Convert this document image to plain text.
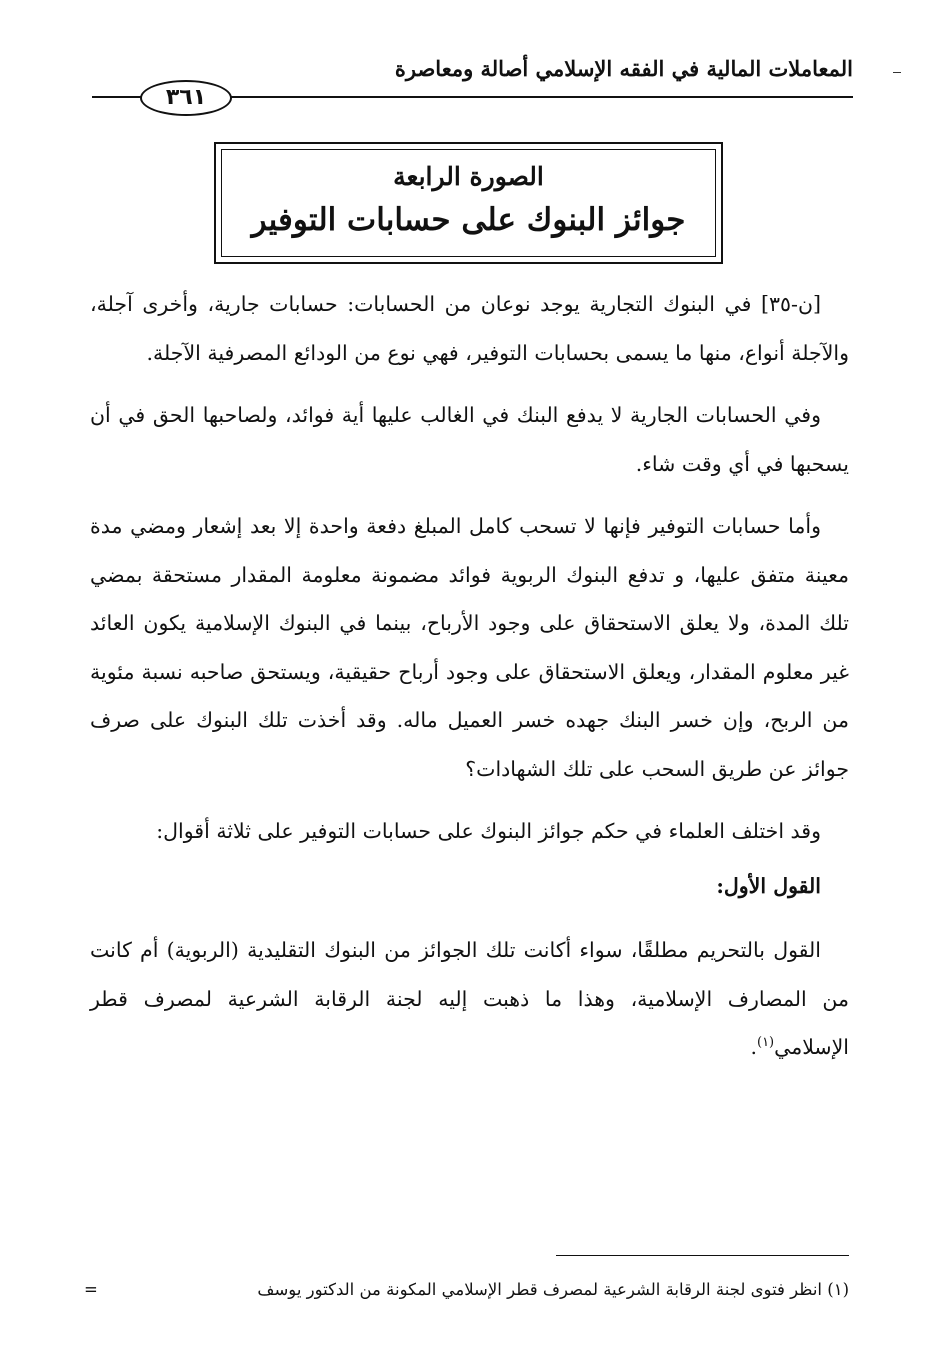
المعاملات المالية في الفقه الإسلامي أصالة ومعاصرة
٣٦١
الصورة الرابعة
جوائز البنوك على حسابات التوفير

[ن-٣٥] في البنوك التجارية يوجد نوعان من الحسابات: حسابات جارية، وأخرى آجلة، والآجلة أنواع، منها ما يسمى بحسابات التوفير، فهي نوع من الودائع المصرفية الآجلة.

وفي الحسابات الجارية لا يدفع البنك في الغالب عليها أية فوائد، ولصاحبها الحق في أن يسحبها في أي وقت شاء.

وأما حسابات التوفير فإنها لا تسحب كامل المبلغ دفعة واحدة إلا بعد إشعار ومضي مدة معينة متفق عليها، و تدفع البنوك الربوية فوائد مضمونة معلومة المقدار مستحقة بمضي تلك المدة، ولا يعلق الاستحقاق على وجود الأرباح، بينما في البنوك الإسلامية يكون العائد غير معلوم المقدار، ويعلق الاستحقاق على وجود أرباح حقيقية، ويستحق صاحبه نسبة مئوية من الربح، وإن خسر البنك جهده خسر العميل ماله. وقد أخذت تلك البنوك على صرف جوائز عن طريق السحب على تلك الشهادات؟

وقد اختلف العلماء في حكم جوائز البنوك على حسابات التوفير على ثلاثة أقوال:

القول الأول:

القول بالتحريم مطلقًا، سواء أكانت تلك الجوائز من البنوك التقليدية (الربوية) أم كانت من المصارف الإسلامية، وهذا ما ذهبت إليه لجنة الرقابة الشرعية لمصرف قطر الإسلامي$^{(١)}$.

(١) انظر فتوى لجنة الرقابة الشرعية لمصرف قطر الإسلامي المكونة من الدكتور يوسف
=
